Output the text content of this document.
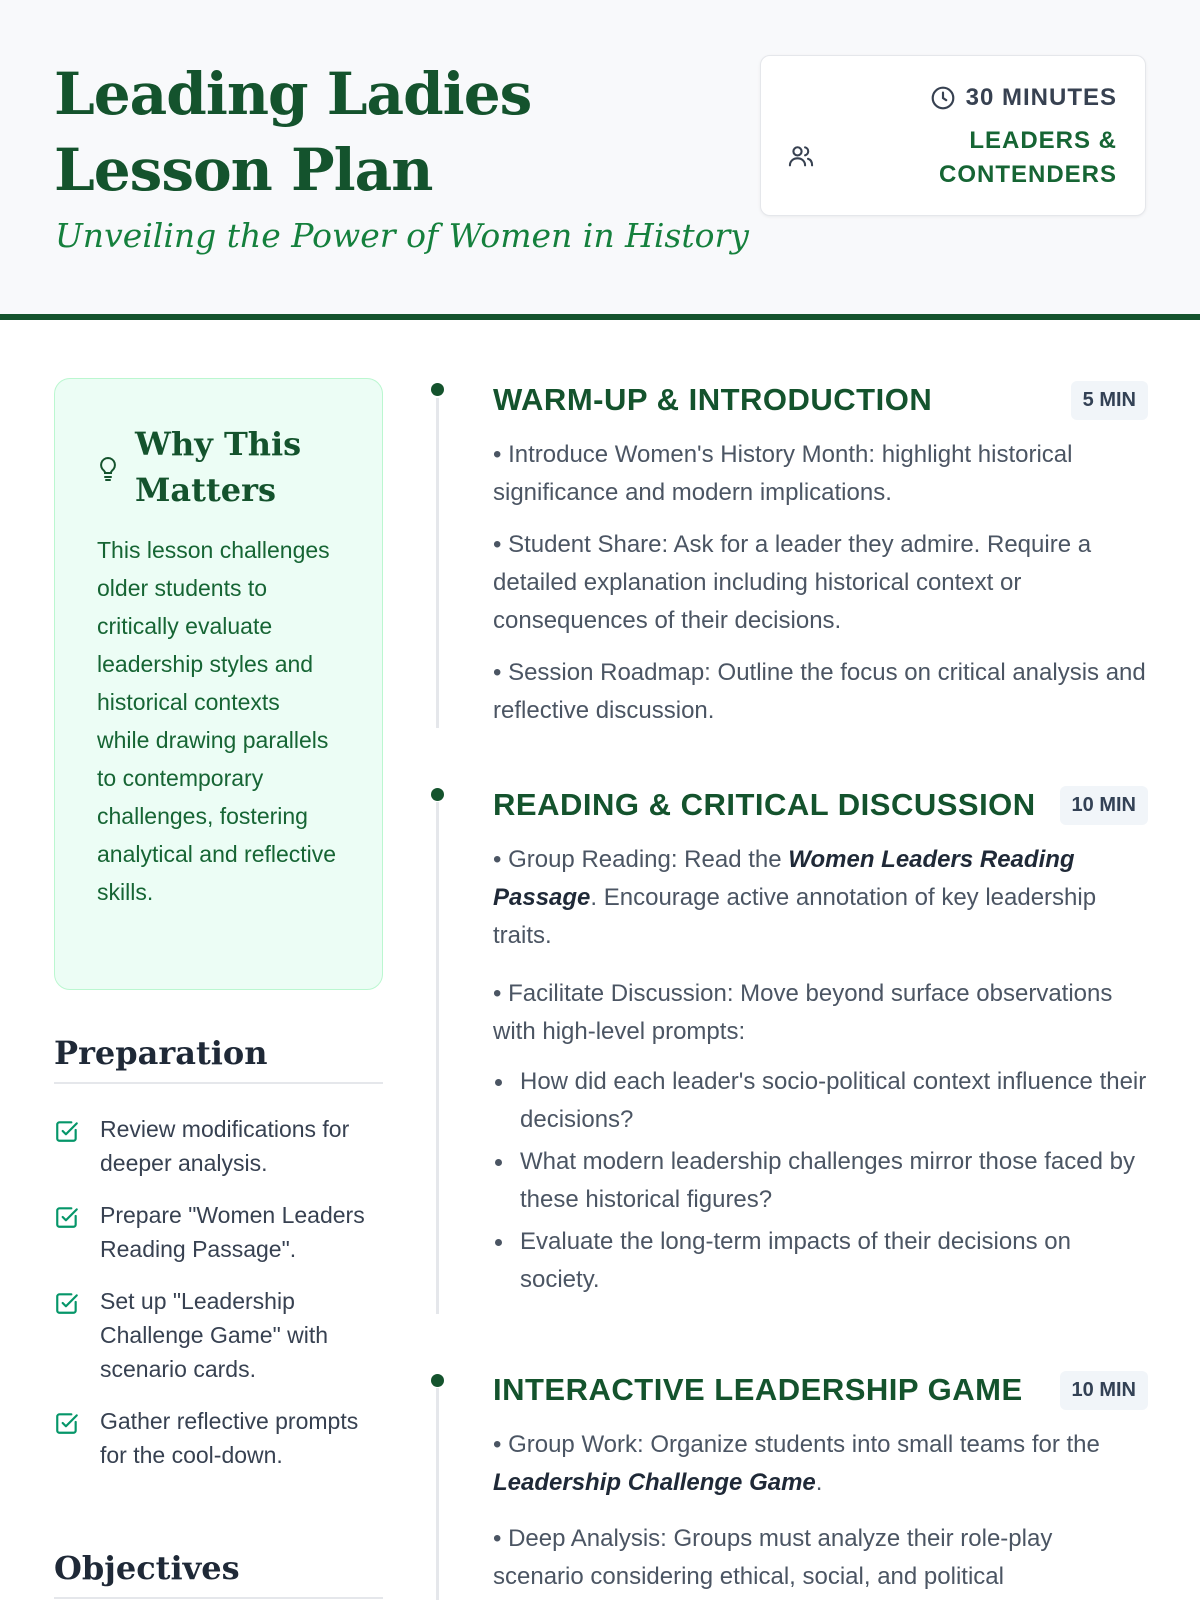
Leading Ladies Lesson Plan
Unveiling the Power of Women in History
30 MINUTES
LEADERS & CONTENDERS
Why This Matters
This lesson challenges older students to critically evaluate leadership styles and historical contexts while drawing parallels to contemporary challenges, fostering analytical and reflective skills.
Preparation
Review modifications for deeper analysis.
Prepare "Women Leaders Reading Passage".
Set up "Leadership Challenge Game" with scenario cards.
Gather reflective prompts for the cool-down.
Objectives
WARM-UP & INTRODUCTION	5 MIN

• Introduce Women's History Month: highlight historical significance and modern implications.

• Student Share: Ask for a leader they admire. Require a detailed explanation including historical context or consequences of their decisions.

• Session Roadmap: Outline the focus on critical analysis and reflective discussion.

READING & CRITICAL DISCUSSION	10 MIN

• Group Reading: Read the Women Leaders Reading Passage. Encourage active annotation of key leadership traits.

• Facilitate Discussion: Move beyond surface observations with high-level prompts:

How did each leader's socio-political context influence their decisions?
What modern leadership challenges mirror those faced by these historical figures?
Evaluate the long-term impacts of their decisions on society.
INTERACTIVE LEADERSHIP GAME	10 MIN

• Group Work: Organize students into small teams for the Leadership Challenge Game.

• Deep Analysis: Groups must analyze their role-play scenario considering ethical, social, and political
